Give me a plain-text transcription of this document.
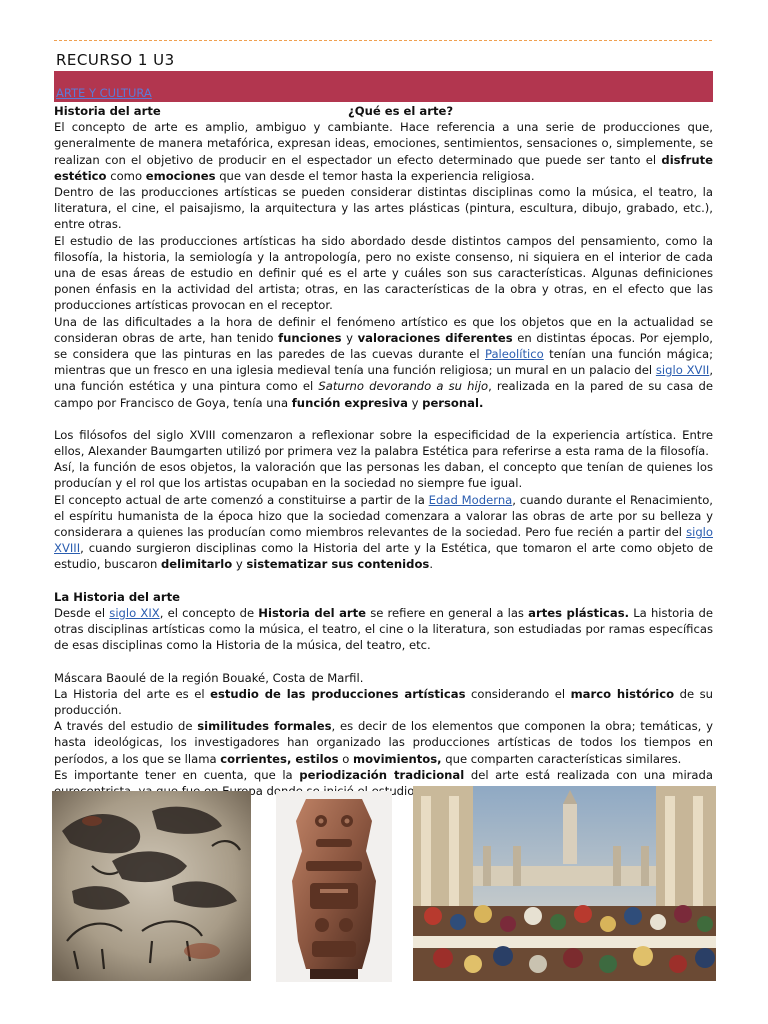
RECURSO 1 U3
ARTE Y CULTURA
Historia del arte	¿Qué es el arte?

El concepto de arte es amplio, ambiguo y cambiante. Hace referencia a una serie de producciones que, generalmente de manera metafórica, expresan ideas, emociones, sentimientos, sensaciones o, simplemente, se realizan con el objetivo de producir en el espectador un efecto determinado que puede ser tanto el disfrute estético como emociones que van desde el temor hasta la experiencia religiosa.

Dentro de las producciones artísticas se pueden considerar distintas disciplinas como la música, el teatro, la literatura, el cine, el paisajismo, la arquitectura y las artes plásticas (pintura, escultura, dibujo, grabado, etc.), entre otras.

El estudio de las producciones artísticas ha sido abordado desde distintos campos del pensamiento, como la filosofía, la historia, la semiología y la antropología, pero no existe consenso, ni siquiera en el interior de cada una de esas áreas de estudio en definir qué es el arte y cuáles son sus características. Algunas definiciones ponen énfasis en la actividad del artista; otras, en las características de la obra y otras, en el efecto que las producciones artísticas provocan en el receptor.

Una de las dificultades a la hora de definir el fenómeno artístico es que los objetos que en la actualidad se consideran obras de arte, han tenido funciones y valoraciones diferentes en distintas épocas. Por ejemplo, se considera que las pinturas en las paredes de las cuevas durante el Paleolítico tenían una función mágica; mientras que un fresco en una iglesia medieval tenía una función religiosa; un mural en un palacio del siglo XVII, una función estética y una pintura como el Saturno devorando a su hijo, realizada en la pared de su casa de campo por Francisco de Goya, tenía una función expresiva y personal.

Los filósofos del siglo XVIII comenzaron a reflexionar sobre la especificidad de la experiencia artística. Entre ellos, Alexander Baumgarten utilizó por primera vez la palabra Estética para referirse a esta rama de la filosofía.

Así, la función de esos objetos, la valoración que las personas les daban, el concepto que tenían de quienes los producían y el rol que los artistas ocupaban en la sociedad no siempre fue igual.

El concepto actual de arte comenzó a constituirse a partir de la Edad Moderna, cuando durante el Renacimiento, el espíritu humanista de la época hizo que la sociedad comenzara a valorar las obras de arte por su belleza y considerara a quienes las producían como miembros relevantes de la sociedad. Pero fue recién a partir del siglo XVIII, cuando surgieron disciplinas como la Historia del arte y la Estética, que tomaron el arte como objeto de estudio, buscaron delimitarlo y sistematizar sus contenidos.

La Historia del arte

Desde el siglo XIX, el concepto de Historia del arte se refiere en general a las artes plásticas. La historia de otras disciplinas artísticas como la música, el teatro, el cine o la literatura, son estudiadas por ramas específicas de esas disciplinas como la Historia de la música, del teatro, etc.

Máscara Baoulé de la región Bouaké, Costa de Marfil.

La Historia del arte es el estudio de las producciones artísticas considerando el marco histórico de su producción.

A través del estudio de similitudes formales, es decir de los elementos que componen la obra; temáticas, y hasta ideológicas, los investigadores han organizado las producciones artísticas de todos los tiempos en períodos, a los que se llama corrientes, estilos o movimientos, que comparten características similares.

Es importante tener en cuenta, que la periodización tradicional del arte está realizada con una mirada estudio
